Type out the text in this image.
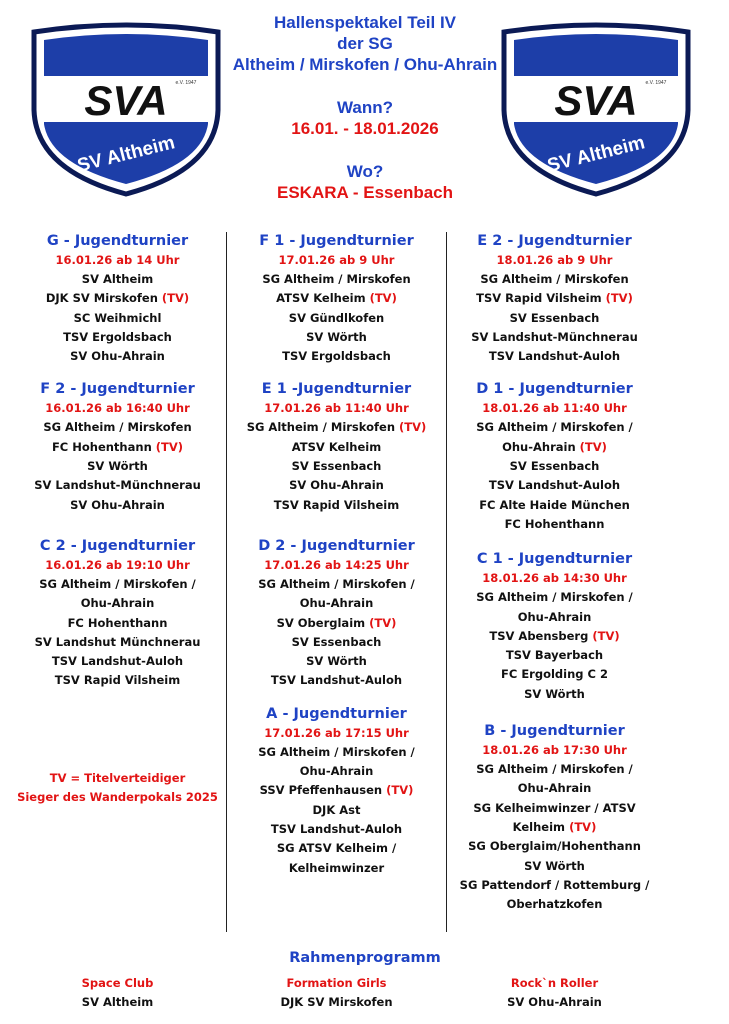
SVA e.V. 1947
SV Altheim
SVA e.V. 1947
SV Altheim

Hallenspektakel Teil IV

der SG

Altheim / Mirskofen / Ohu-Ahrain

Wann?

16.01. - 18.01.2026

Wo?

ESKARA - Essenbach

G - Jugendturnier
16.01.26 ab 14 Uhr
SV Altheim
DJK SV Mirskofen (TV)
SC Weihmichl
TSV Ergoldsbach
SV Ohu-Ahrain
F 2 - Jugendturnier
16.01.26 ab 16:40 Uhr
SG Altheim / Mirskofen
FC Hohenthann (TV)
SV Wörth
SV Landshut-Münchnerau
SV Ohu-Ahrain
C 2 - Jugendturnier
16.01.26 ab 19:10 Uhr
SG Altheim / Mirskofen /
Ohu-Ahrain
FC Hohenthann
SV Landshut Münchnerau
TSV Landshut-Auloh
TSV Rapid Vilsheim
TV = Titelverteidiger
Sieger des Wanderpokals 2025
F 1 - Jugendturnier
17.01.26 ab 9 Uhr
SG Altheim / Mirskofen
ATSV Kelheim (TV)
SV Gündlkofen
SV Wörth
TSV Ergoldsbach
E 1 -Jugendturnier
17.01.26 ab 11:40 Uhr
SG Altheim / Mirskofen (TV)
ATSV Kelheim
SV Essenbach
SV Ohu-Ahrain
TSV Rapid Vilsheim
D 2 - Jugendturnier
17.01.26 ab 14:25 Uhr
SG Altheim / Mirskofen /
Ohu-Ahrain
SV Oberglaim (TV)
SV Essenbach
SV Wörth
TSV Landshut-Auloh
A - Jugendturnier
17.01.26 ab 17:15 Uhr
SG Altheim / Mirskofen /
Ohu-Ahrain
SSV Pfeffenhausen (TV)
DJK Ast
TSV Landshut-Auloh
SG ATSV Kelheim /
Kelheimwinzer
E 2 - Jugendturnier
18.01.26 ab 9 Uhr
SG Altheim / Mirskofen
TSV Rapid Vilsheim (TV)
SV Essenbach
SV Landshut-Münchnerau
TSV Landshut-Auloh
D 1 - Jugendturnier
18.01.26 ab 11:40 Uhr
SG Altheim / Mirskofen /
Ohu-Ahrain (TV)
SV Essenbach
TSV Landshut-Auloh
FC Alte Haide München
FC Hohenthann
C 1 - Jugendturnier
18.01.26 ab 14:30 Uhr
SG Altheim / Mirskofen /
Ohu-Ahrain
TSV Abensberg (TV)
TSV Bayerbach
FC Ergolding C 2
SV Wörth
B - Jugendturnier
18.01.26 ab 17:30 Uhr
SG Altheim / Mirskofen /
Ohu-Ahrain
SG Kelheimwinzer / ATSV
Kelheim (TV)
SG Oberglaim/Hohenthann
SV Wörth
SG Pattendorf / Rottemburg /
Oberhatzkofen
Rahmenprogramm
Space Club
SV Altheim
Formation Girls
DJK SV Mirskofen
Rock`n Roller
SV Ohu-Ahrain
